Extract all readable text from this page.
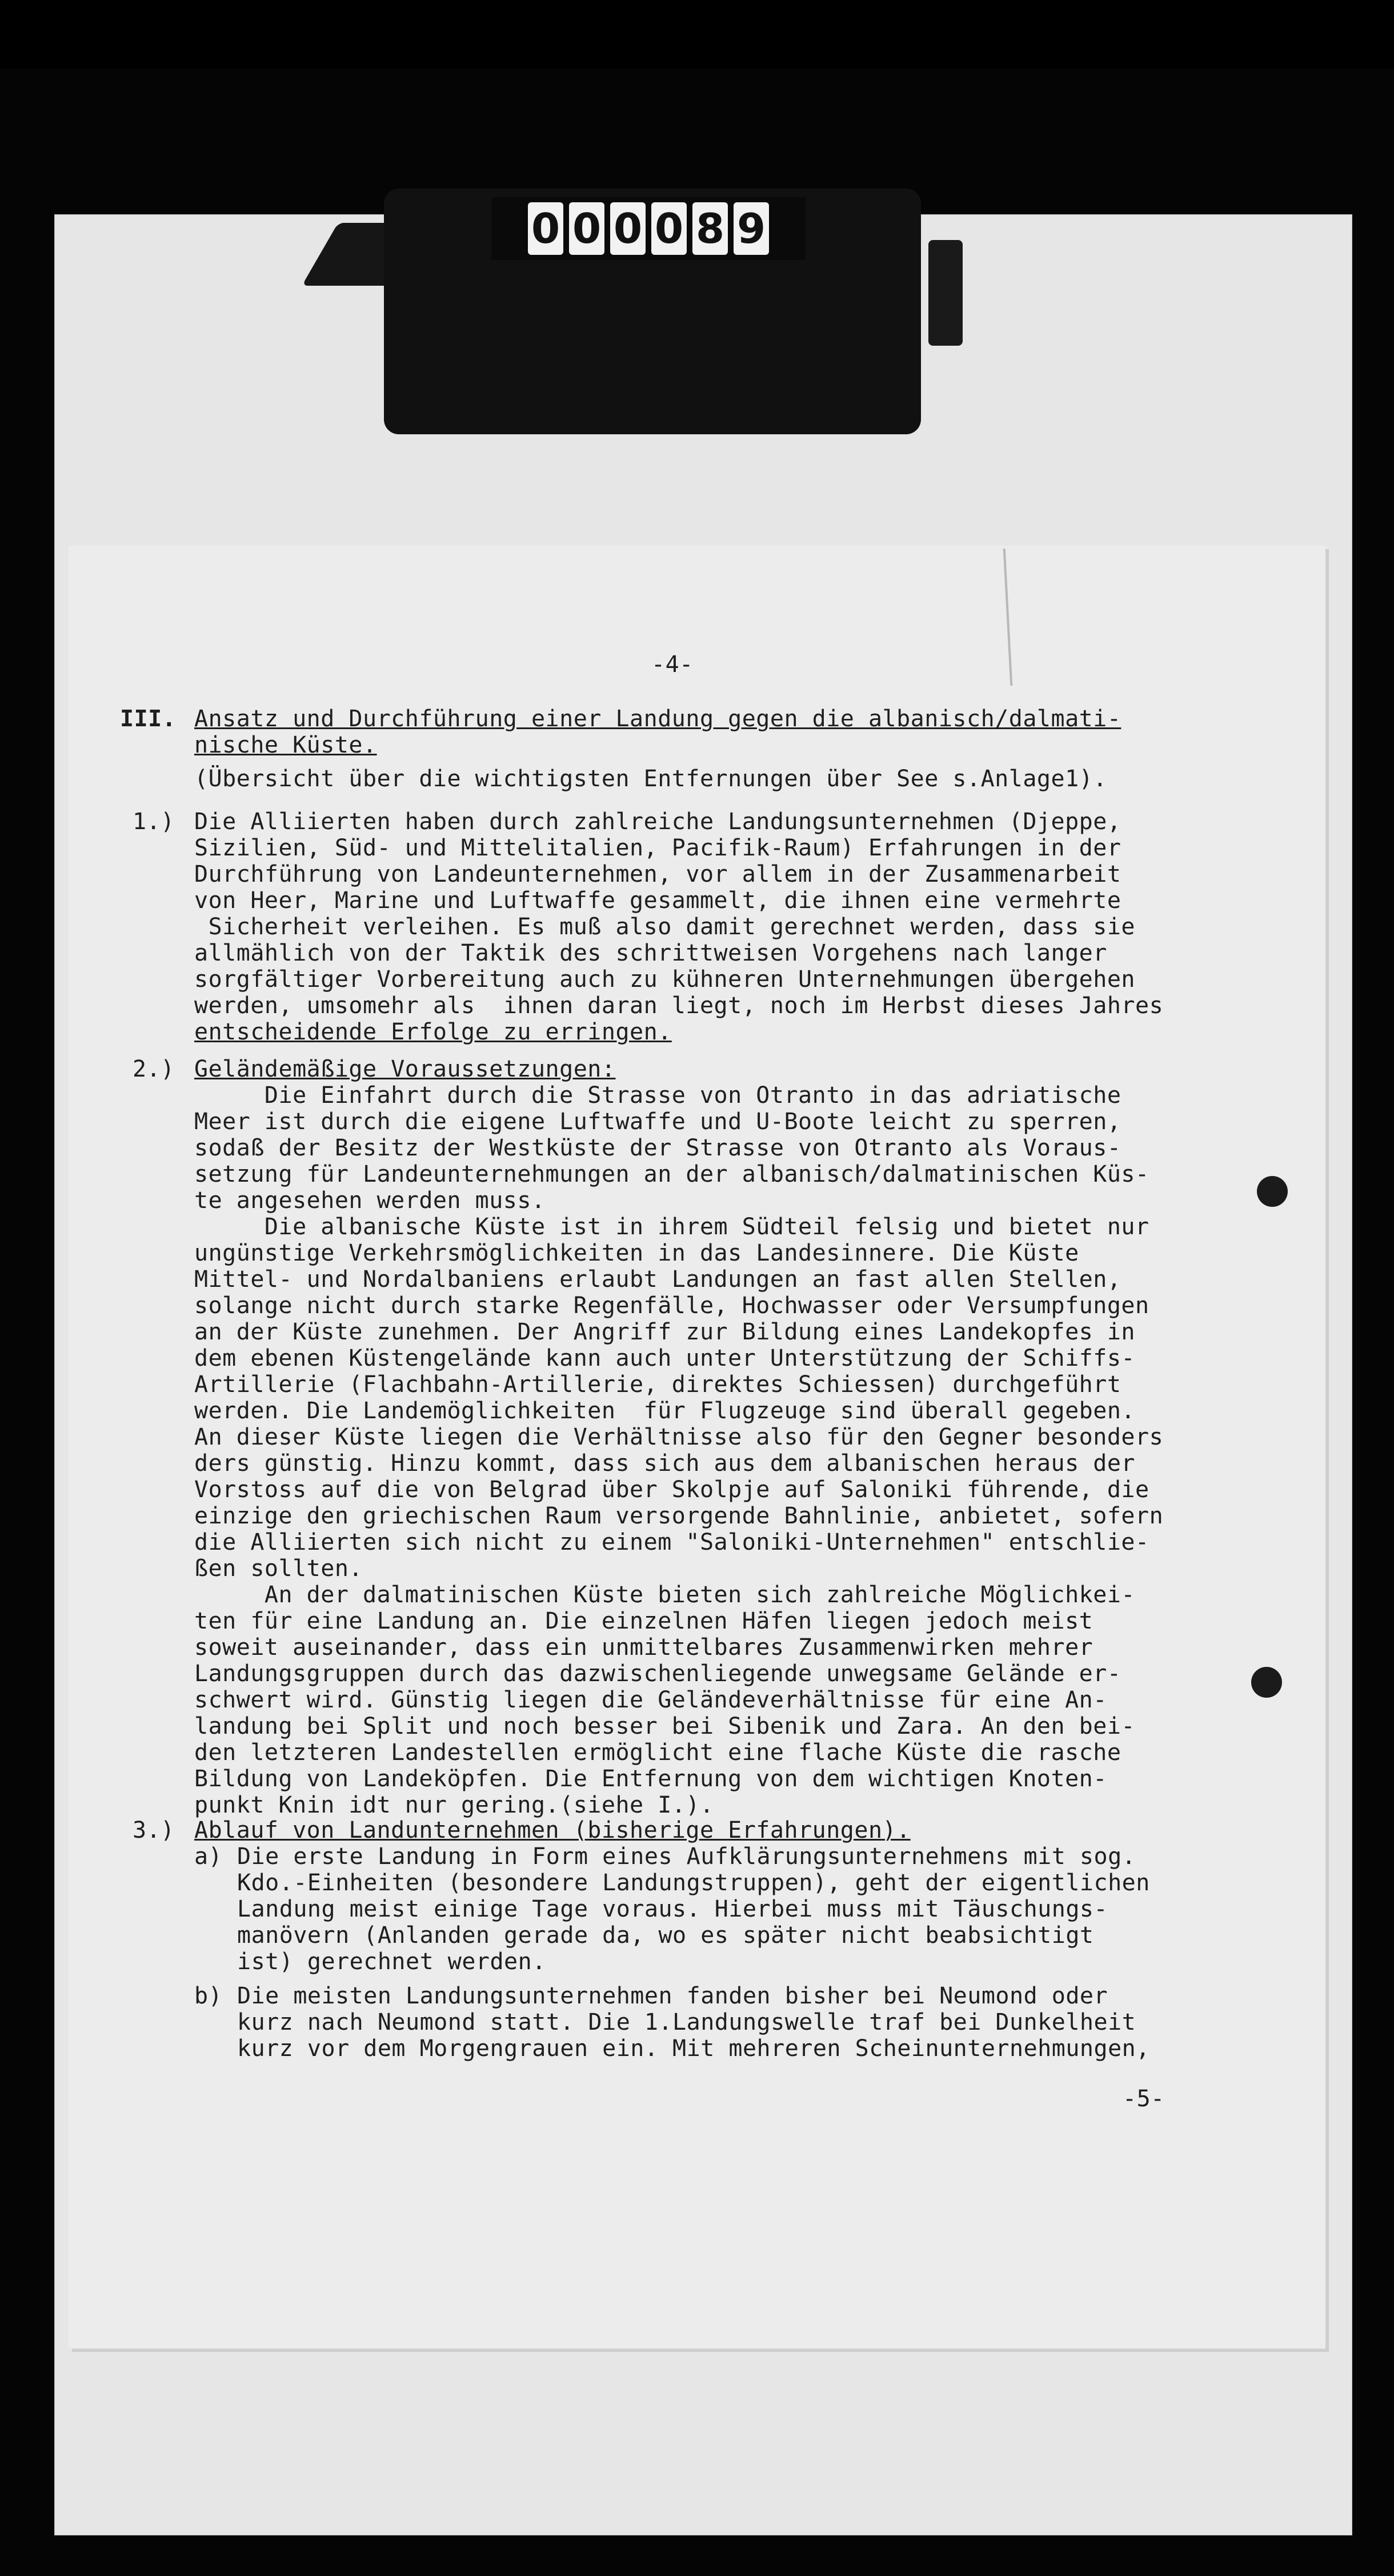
0 0 0 0 8 9
-4-
III. Ansatz und Durchführung einer Landung gegen die albanisch/dalmati-
nische Küste.
(Übersicht über die wichtigsten Entfernungen über See s.Anlage1).
1.) Die Alliierten haben durch zahlreiche Landungsunternehmen (Djeppe,
Sizilien, Süd- und Mittelitalien, Pacifik-Raum) Erfahrungen in der
Durchführung von Landeunternehmen, vor allem in der Zusammenarbeit
von Heer, Marine und Luftwaffe gesammelt, die ihnen eine vermehrte
Sicherheit verleihen. Es muß also damit gerechnet werden, dass sie
allmählich von der Taktik des schrittweisen Vorgehens nach langer
sorgfältiger Vorbereitung auch zu kühneren Unternehmungen übergehen
werden, umsomehr als  ihnen daran liegt, noch im Herbst dieses Jahres
entscheidende Erfolge zu erringen.
2.) Geländemäßige Voraussetzungen:
Die Einfahrt durch die Strasse von Otranto in das adriatische
Meer ist durch die eigene Luftwaffe und U-Boote leicht zu sperren,
sodaß der Besitz der Westküste der Strasse von Otranto als Voraus-
setzung für Landeunternehmungen an der albanisch/dalmatinischen Küs-
te angesehen werden muss.
Die albanische Küste ist in ihrem Südteil felsig und bietet nur
ungünstige Verkehrsmöglichkeiten in das Landesinnere. Die Küste
Mittel- und Nordalbaniens erlaubt Landungen an fast allen Stellen,
solange nicht durch starke Regenfälle, Hochwasser oder Versumpfungen
an der Küste zunehmen. Der Angriff zur Bildung eines Landekopfes in
dem ebenen Küstengelände kann auch unter Unterstützung der Schiffs-
Artillerie (Flachbahn-Artillerie, direktes Schiessen) durchgeführt
werden. Die Landemöglichkeiten  für Flugzeuge sind überall gegeben.
An dieser Küste liegen die Verhältnisse also für den Gegner besonders
ders günstig. Hinzu kommt, dass sich aus dem albanischen heraus der
Vorstoss auf die von Belgrad über Skolpje auf Saloniki führende, die
einzige den griechischen Raum versorgende Bahnlinie, anbietet, sofern
die Alliierten sich nicht zu einem "Saloniki-Unternehmen" entschlie-
ßen sollten.
An der dalmatinischen Küste bieten sich zahlreiche Möglichkei-
ten für eine Landung an. Die einzelnen Häfen liegen jedoch meist
soweit auseinander, dass ein unmittelbares Zusammenwirken mehrer
Landungsgruppen durch das dazwischenliegende unwegsame Gelände er-
schwert wird. Günstig liegen die Geländeverhältnisse für eine An-
landung bei Split und noch besser bei Sibenik und Zara. An den bei-
den letzteren Landestellen ermöglicht eine flache Küste die rasche
Bildung von Landeköpfen. Die Entfernung von dem wichtigen Knoten-
punkt Knin idt nur gering.(siehe I.).
3.) Ablauf von Landunternehmen (bisherige Erfahrungen).
a) Die erste Landung in Form eines Aufklärungsunternehmens mit sog.
Kdo.-Einheiten (besondere Landungstruppen), geht der eigentlichen
Landung meist einige Tage voraus. Hierbei muss mit Täuschungs-
manövern (Anlanden gerade da, wo es später nicht beabsichtigt
ist) gerechnet werden.
b) Die meisten Landungsunternehmen fanden bisher bei Neumond oder
kurz nach Neumond statt. Die 1.Landungswelle traf bei Dunkelheit
kurz vor dem Morgengrauen ein. Mit mehreren Scheinunternehmungen,
-5-
